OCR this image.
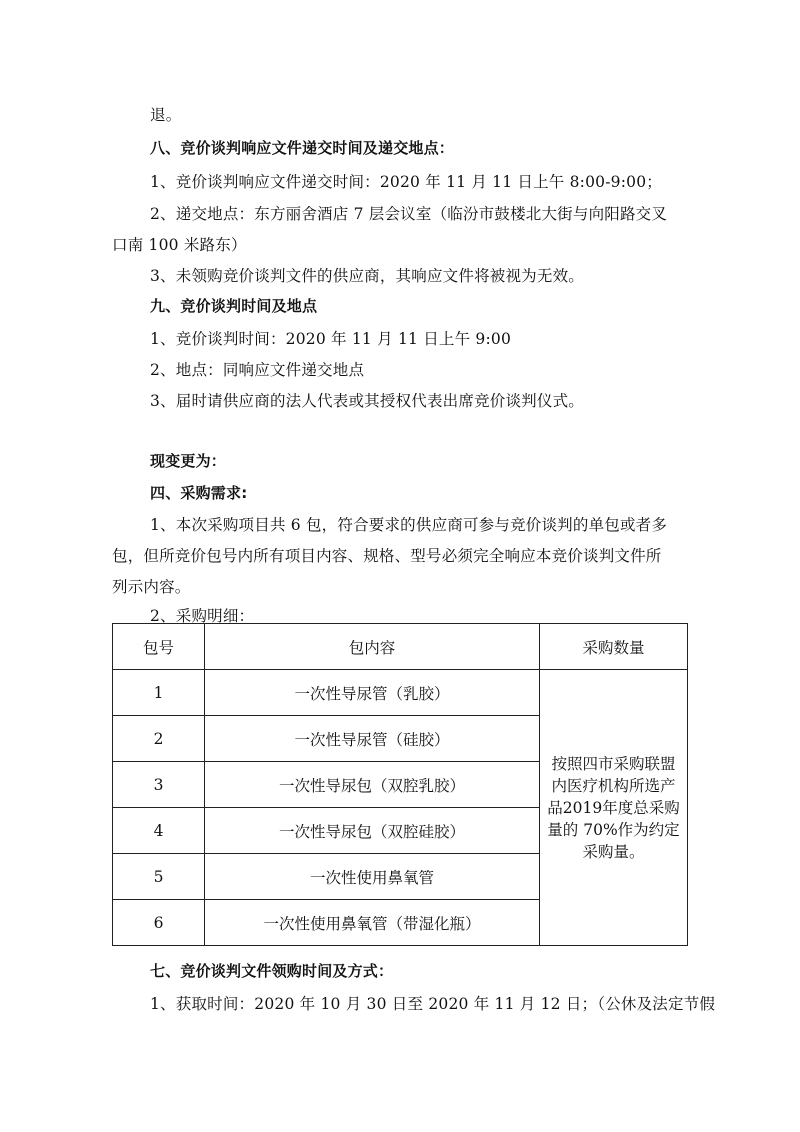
退。
八、竞价谈判响应文件递交时间及递交地点：
1、竞价谈判响应文件递交时间：2020 年 11 月 11 日上午 8:00-9:00；
2、递交地点：东方丽舍酒店 7 层会议室（临汾市鼓楼北大街与向阳路交叉
口南 100 米路东）
3、未领购竞价谈判文件的供应商，其响应文件将被视为无效。
九、竞价谈判时间及地点
1、竞价谈判时间：2020 年 11 月 11 日上午 9:00
2、地点：同响应文件递交地点
3、届时请供应商的法人代表或其授权代表出席竞价谈判仪式。
现变更为：
四、采购需求:
1、本次采购项目共 6 包，符合要求的供应商可参与竞价谈判的单包或者多
包，但所竞价包号内所有项目内容、规格、型号必须完全响应本竞价谈判文件所
列示内容。
2、采购明细：
包号	包内容	采购数量
1	一次性导尿管（乳胶）	按照四市采购联盟内医疗机构所选产品2019年度总采购量的 70%作为约定采购量。
2	一次性导尿管（硅胶）	
3	一次性导尿包（双腔乳胶）	
4	一次性导尿包（双腔硅胶）	
5	一次性使用鼻氧管	
6	一次性使用鼻氧管（带湿化瓶）	
七、竞价谈判文件领购时间及方式：
1、获取时间：2020 年 10 月 30 日至 2020 年 11 月 12 日；（公休及法定节假
